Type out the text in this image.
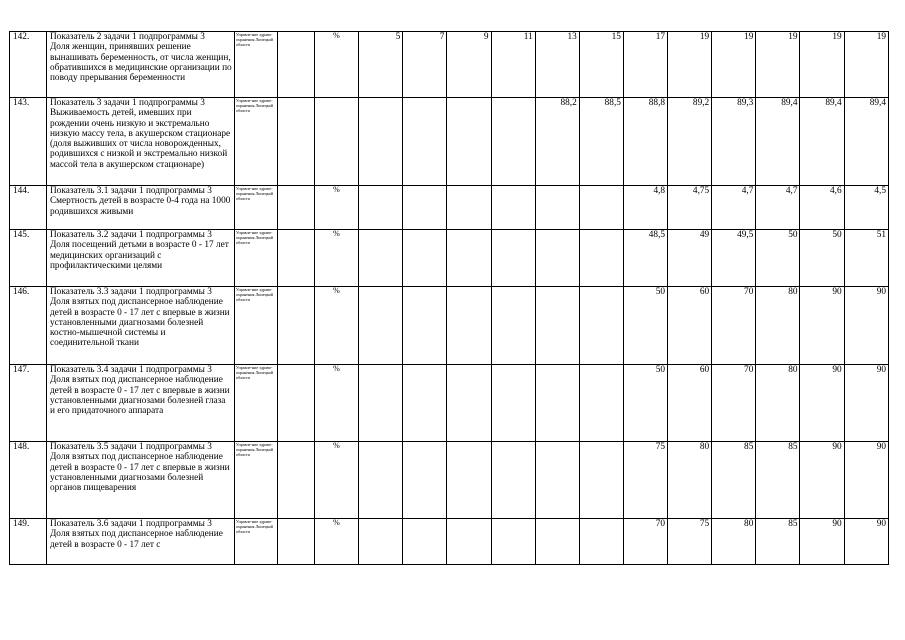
142.	Показатель 2 задачи 1 подпрограммы 3
Доля женщин, принявших решение вынашивать беременность, от числа женщин, обратившихся в медицинские организации по поводу прерывания беременности	Управле-ние здраво-охранения Липецкой области		%	5	7	9	11	13	15	17	19	19	19	19	19
143.	Показатель 3 задачи 1 подпрограммы 3
Выживаемость детей, имевших при рождении очень низкую и экстремально низкую массу тела, в акушерском стационаре (доля выживших от числа новорожденных, родившихся с низкой и экстремально низкой массой тела в акушерском стационаре)	Управле-ние здраво-охранения Липецкой области							88,2	88,5	88,8	89,2	89,3	89,4	89,4	89,4
144.	Показатель 3.1 задачи 1 подпрограммы 3
Смертность детей в возрасте 0-4 года на 1000 родившихся живыми	Управле-ние здраво-охранения Липецкой области		%							4,8	4,75	4,7	4,7	4,6	4,5
145.	Показатель 3.2 задачи 1 подпрограммы 3
Доля посещений детьми в возрасте 0 - 17 лет медицинских организаций с профилактическими целями	Управле-ние здраво-охранения Липецкой области		%							48,5	49	49,5	50	50	51
146.	Показатель 3.3 задачи 1 подпрограммы 3
Доля взятых под диспансерное наблюдение детей в возрасте 0 - 17 лет с впервые в жизни установленными диагнозами болезней костно-мышечной системы и соединительной ткани	Управле-ние здраво-охранения Липецкой области		%							50	60	70	80	90	90
147.	Показатель 3.4 задачи 1 подпрограммы 3
Доля взятых под диспансерное наблюдение детей в возрасте 0 - 17 лет с впервые в жизни установленными диагнозами болезней глаза и его придаточного аппарата	Управле-ние здраво-охранения Липецкой области		%							50	60	70	80	90	90
148.	Показатель 3.5 задачи 1 подпрограммы 3
Доля взятых под диспансерное наблюдение детей в возрасте 0 - 17 лет с впервые в жизни установленными диагнозами болезней органов пищеварения	Управле-ние здраво-охранения Липецкой области		%							75	80	85	85	90	90
149.	Показатель 3.6 задачи 1 подпрограммы 3
Доля взятых под диспансерное наблюдение детей в возрасте 0 - 17 лет с	Управле-ние здраво-охранения Липецкой области		%							70	75	80	85	90	90
